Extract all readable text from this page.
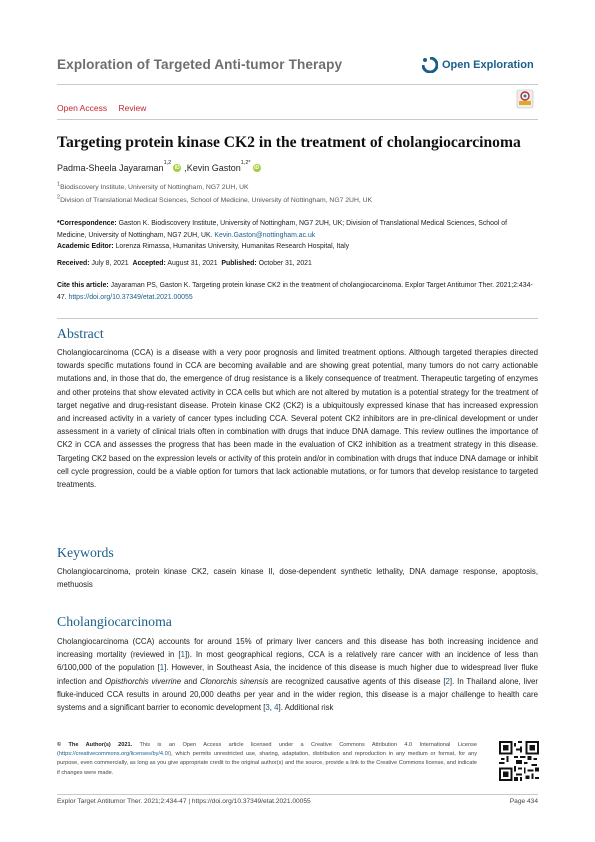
Exploration of Targeted Anti-tumor Therapy	Open Exploration
Open Access Review
Targeting protein kinase CK2 in the treatment of cholangiocarcinoma
Padma-Sheela Jayaraman 1,2
iD , Kevin Gaston 1,2*
iD
$^1$Biodiscovery Institute, University of Nottingham, NG7 2UH, UK
$^2$Division of Translational Medical Sciences, School of Medicine, University of Nottingham, NG7 2UH, UK
*Correspondence: Gaston K. Biodiscovery Institute, University of Nottingham, NG7 2UH, UK; Division of Translational Medical Sciences, School of Medicine, University of Nottingham, NG7 2UH, UK. Kevin.Gaston@nottingham.ac.uk
Academic Editor: Lorenza Rimassa, Humanitas University, Humanitas Research Hospital, Italy
Received: July 8, 2021 Accepted: August 31, 2021 Published: October 31, 2021
Cite this article: Jayaraman PS, Gaston K. Targeting protein kinase CK2 in the treatment of cholangiocarcinoma. Explor Target Antitumor Ther. 2021;2:434-47. https://doi.org/10.37349/etat.2021.00055
Abstract

Cholangiocarcinoma (CCA) is a disease with a very poor prognosis and limited treatment options. Although targeted therapies directed towards specific mutations found in CCA are becoming available and are showing great potential, many tumors do not carry actionable mutations and, in those that do, the emergence of drug resistance is a likely consequence of treatment. Therapeutic targeting of enzymes and other proteins that show elevated activity in CCA cells but which are not altered by mutation is a potential strategy for the treatment of target negative and drug-resistant disease. Protein kinase CK2 (CK2) is a ubiquitously expressed kinase that has increased expression and increased activity in a variety of cancer types including CCA. Several potent CK2 inhibitors are in pre-clinical development or under assessment in a variety of clinical trials often in combination with drugs that induce DNA damage. This review outlines the importance of CK2 in CCA and assesses the progress that has been made in the evaluation of CK2 inhibition as a treatment strategy in this disease. Targeting CK2 based on the expression levels or activity of this protein and/or in combination with drugs that induce DNA damage or inhibit cell cycle progression, could be a viable option for tumors that lack actionable mutations, or for tumors that develop resistance to targeted treatments.

Keywords

Cholangiocarcinoma, protein kinase CK2, casein kinase II, dose-dependent synthetic lethality, DNA damage response, apoptosis, methuosis

Cholangiocarcinoma

Cholangiocarcinoma (CCA) accounts for around 15% of primary liver cancers and this disease has both increasing incidence and increasing mortality (reviewed in [1]). In most geographical regions, CCA is a relatively rare cancer with an incidence of less than 6/100,000 of the population [1]. However, in Southeast Asia, the incidence of this disease is much higher due to widespread liver fluke infection and Opisthorchis viverrine and Clonorchis sinensis are recognized causative agents of this disease [2]. In Thailand alone, liver fluke-induced CCA results in around 20,000 deaths per year and in the wider region, this disease is a major challenge to health care systems and a significant barrier to economic development [3, 4]. Additional risk

© The Author(s) 2021. This is an Open Access article licensed under a Creative Commons Attribution 4.0 International License (https://creativecommons.org/licenses/by/4.0/), which permits unrestricted use, sharing, adaptation, distribution and reproduction in any medium or format, for any purpose, even commercially, as long as you give appropriate credit to the original author(s) and the source, provide a link to the Creative Commons license, and indicate if changes were made.
Explor Target Antitumor Ther. 2021;2:434-47 | https://doi.org/10.37349/etat.2021.00055	Page 434
